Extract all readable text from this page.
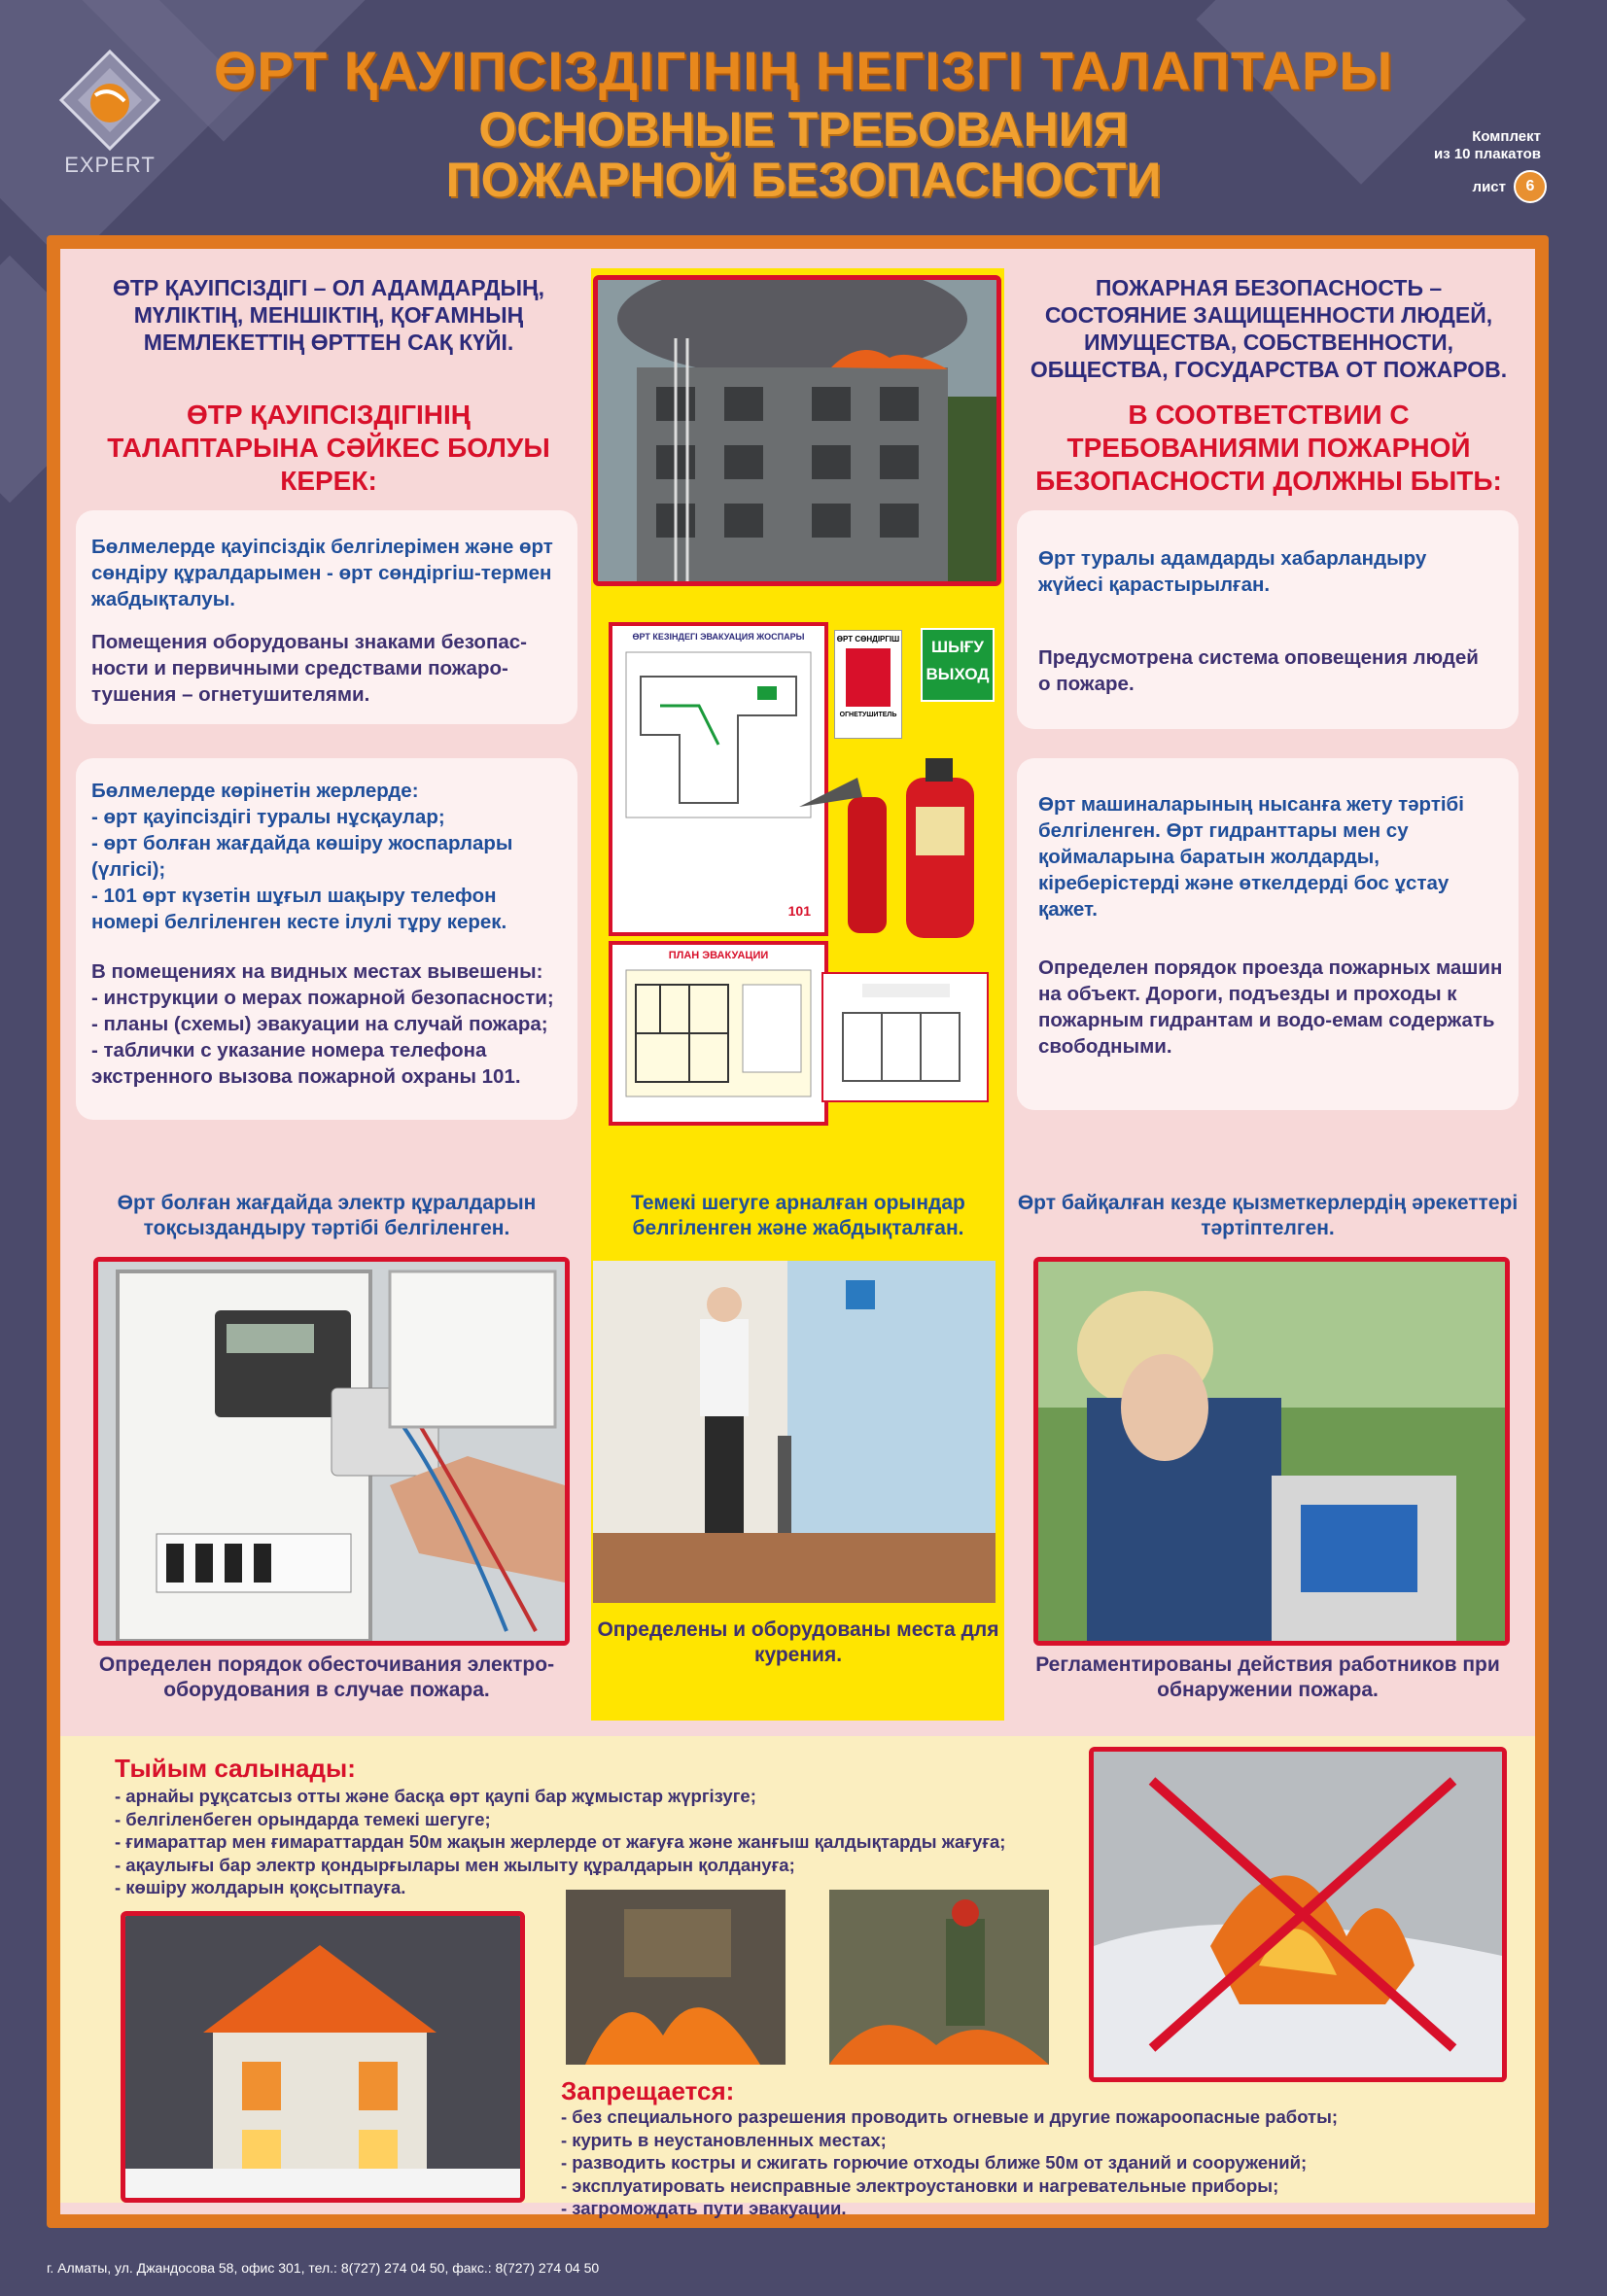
EXPERT
ӨРТ ҚАУІПСІЗДІГІНІҢ НЕГІЗГІ ТАЛАПТАРЫ
ОСНОВНЫЕ ТРЕБОВАНИЯ
ПОЖАРНОЙ БЕЗОПАСНОСТИ
Комплект
из 10 плакатов
лист	6
ӨТР ҚАУІПСІЗДІГІ – ОЛ АДАМДАРДЫҢ, МҮЛІКТІҢ, МЕНШІКТІҢ, ҚОҒАМНЫҢ МЕМЛЕКЕТТІҢ ӨРТТЕН САҚ КҮЙІ.
ӨТР ҚАУІПСІЗДІГІНІҢ ТАЛАПТАРЫНА СӘЙКЕС БОЛУЫ КЕРЕК:
Бөлмелерде қауіпсіздік белгілерімен және өрт сөндіру құралдарымен - өрт сөндіргіш-термен жабдықталуы.
Помещения оборудованы знаками безопас-ности и первичными средствами пожаро-тушения – огнетушителями.
Бөлмелерде көрінетін жерлерде:
- өрт қауіпсіздігі туралы нұсқаулар;
- өрт болған жағдайда көшіру жоспарлары (үлгісі);
- 101 өрт күзетін шұғыл шақыру телефон номері белгіленген кесте ілулі тұру керек.
В помещениях на видных местах вывешены:
- инструкции о мерах пожарной безопасности;
- планы (схемы) эвакуации на случай пожара;
- таблички с указание номера телефона экстренного вызова пожарной охраны 101.
Өрт болған жағдайда электр құралдарын тоқсыздандыру тәртібі белгіленген.
Определен порядок обесточивания электро-оборудования в случае пожара.
ӨРТ КЕЗІНДЕГІ ЭВАКУАЦИЯ ЖОСПАРЫ
101
ӨРТ СӨНДІРГІШ
ОГНЕТУШИТЕЛЬ
ШЫҒУ
ВЫХОД
ПЛАН ЭВАКУАЦИИ
Темекі шегуге арналған орындар белгіленген және жабдықталған.
Определены и оборудованы места для курения.
ПОЖАРНАЯ БЕЗОПАСНОСТЬ – СОСТОЯНИЕ ЗАЩИЩЕННОСТИ ЛЮДЕЙ, ИМУЩЕСТВА, СОБСТВЕННОСТИ, ОБЩЕСТВА, ГОСУДАРСТВА ОТ ПОЖАРОВ.
В СООТВЕТСТВИИ С ТРЕБОВАНИЯМИ ПОЖАРНОЙ БЕЗОПАСНОСТИ ДОЛЖНЫ БЫТЬ:
Өрт туралы адамдарды хабарландыру жүйесі қарастырылған.
Предусмотрена система оповещения людей о пожаре.
Өрт машиналарының нысанға жету тәртібі белгіленген. Өрт гидранттары мен су қоймаларына баратын жолдарды, кіреберістерді және өткелдерді бос ұстау қажет.
Определен порядок проезда пожарных машин на объект. Дороги, подъезды и проходы к пожарным гидрантам и водо-емам содержать свободными.
Өрт байқалған кезде қызметкерлердің әрекеттері тәртіптелген.
Регламентированы действия работников при обнаружении пожара.
Тыйым салынады:
- арнайы рұқсатсыз отты және басқа өрт қаупі бар жұмыстар жүргізуге;
- белгіленбеген орындарда темекі шегуге;
- ғимараттар мен ғимараттардан 50м жақын жерлерде от жағуға және жанғыш қалдықтарды жағуға;
- ақаулығы бар электр қондырғылары мен жылыту құралдарын қолдануға;
- көшіру жолдарын қоқсытпауға.
Запрещается:
- без специального разрешения проводить огневые и другие пожароопасные работы;
- курить в неустановленных местах;
- разводить костры и сжигать горючие отходы ближе 50м от зданий и сооружений;
- эксплуатировать неисправные электроустановки и нагревательные приборы;
- загромождать пути эвакуации.
г. Алматы, ул. Джандосова 58, офис 301, тел.: 8(727) 274 04 50, факс.: 8(727) 274 04 50
